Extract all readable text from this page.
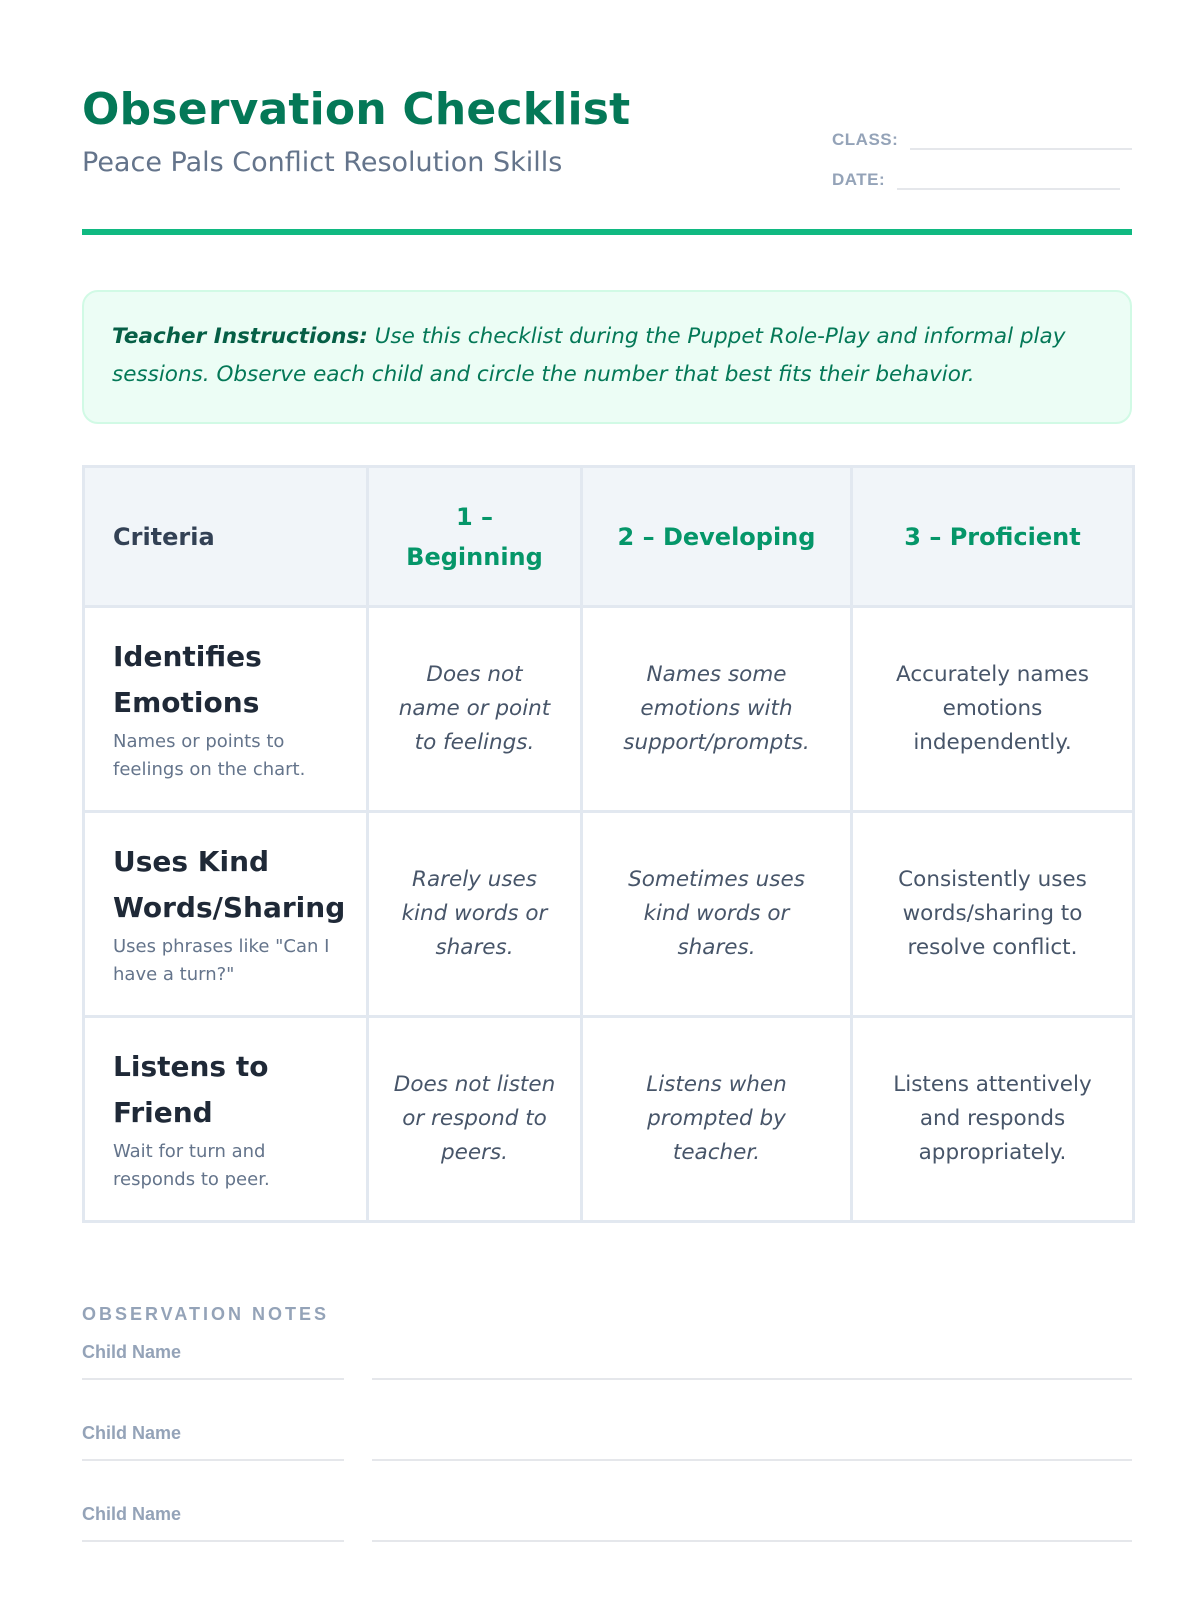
Observation Checklist
Peace Pals Conflict Resolution Skills
CLASS:
DATE:

Teacher Instructions: Use this checklist during the Puppet Role-Play and informal play sessions. Observe each child and circle the number that best fits their behavior.

Criteria	1 – Beginning	2 – Developing	3 – Proficient

Identifies Emotions
Names or points to feelings on the chart.	Does not name or point to feelings.	Names some emotions with support/prompts.	Accurately names emotions independently.

Uses Kind Words/Sharing
Uses phrases like "Can I have a turn?"	Rarely uses kind words or shares.	Sometimes uses kind words or shares.	Consistently uses words/sharing to resolve conflict.

Listens to Friend
Wait for turn and responds to peer.	Does not listen or respond to peers.	Listens when prompted by teacher.	Listens attentively and responds appropriately.
OBSERVATION NOTES
Child Name
Child Name
Child Name
